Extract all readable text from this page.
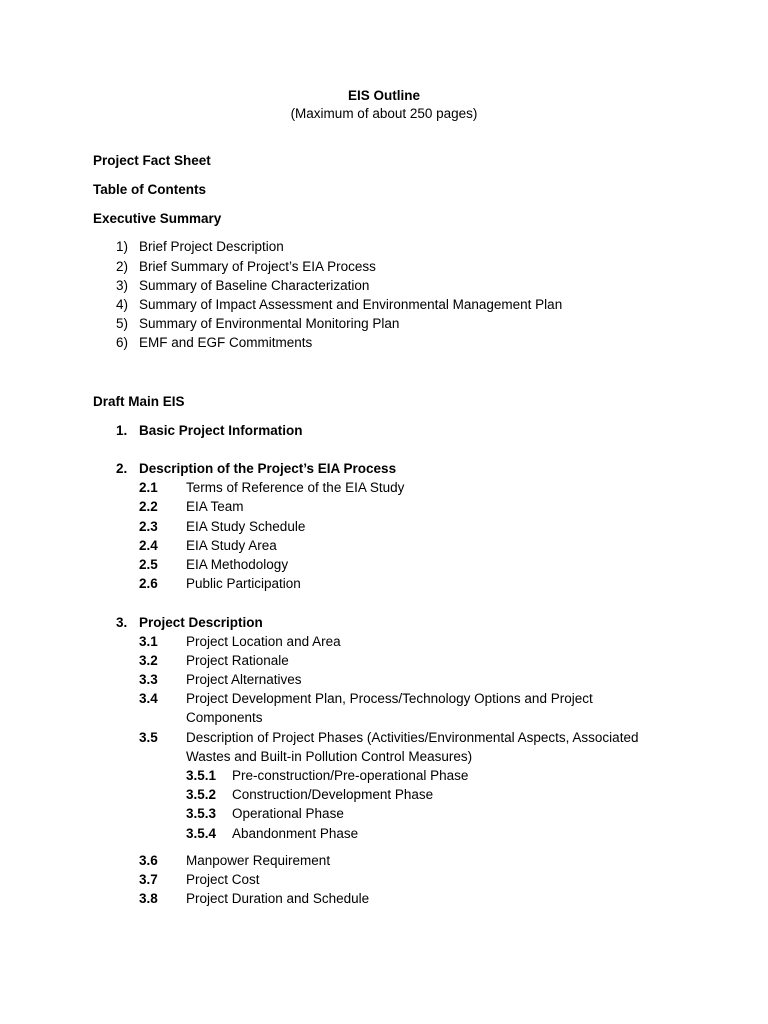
EIS Outline
(Maximum of about 250 pages)
Project Fact Sheet
Table of Contents
Executive Summary
1) Brief Project Description
2) Brief Summary of Project’s EIA Process
3) Summary of Baseline Characterization
4) Summary of Impact Assessment and Environmental Management Plan
5) Summary of Environmental Monitoring Plan
6) EMF and EGF Commitments
Draft Main EIS
1. Basic Project Information
2. Description of the Project’s EIA Process
2.1 Terms of Reference of the EIA Study
2.2 EIA Team
2.3 EIA Study Schedule
2.4 EIA Study Area
2.5 EIA Methodology
2.6 Public Participation
3. Project Description
3.1 Project Location and Area
3.2 Project Rationale
3.3 Project Alternatives
3.4 Project Development Plan, Process/Technology Options and Project
Components
3.5 Description of Project Phases (Activities/Environmental Aspects, Associated
Wastes and Built-in Pollution Control Measures)
3.5.1 Pre-construction/Pre-operational Phase
3.5.2 Construction/Development Phase
3.5.3 Operational Phase
3.5.4 Abandonment Phase
3.6 Manpower Requirement
3.7 Project Cost
3.8 Project Duration and Schedule
